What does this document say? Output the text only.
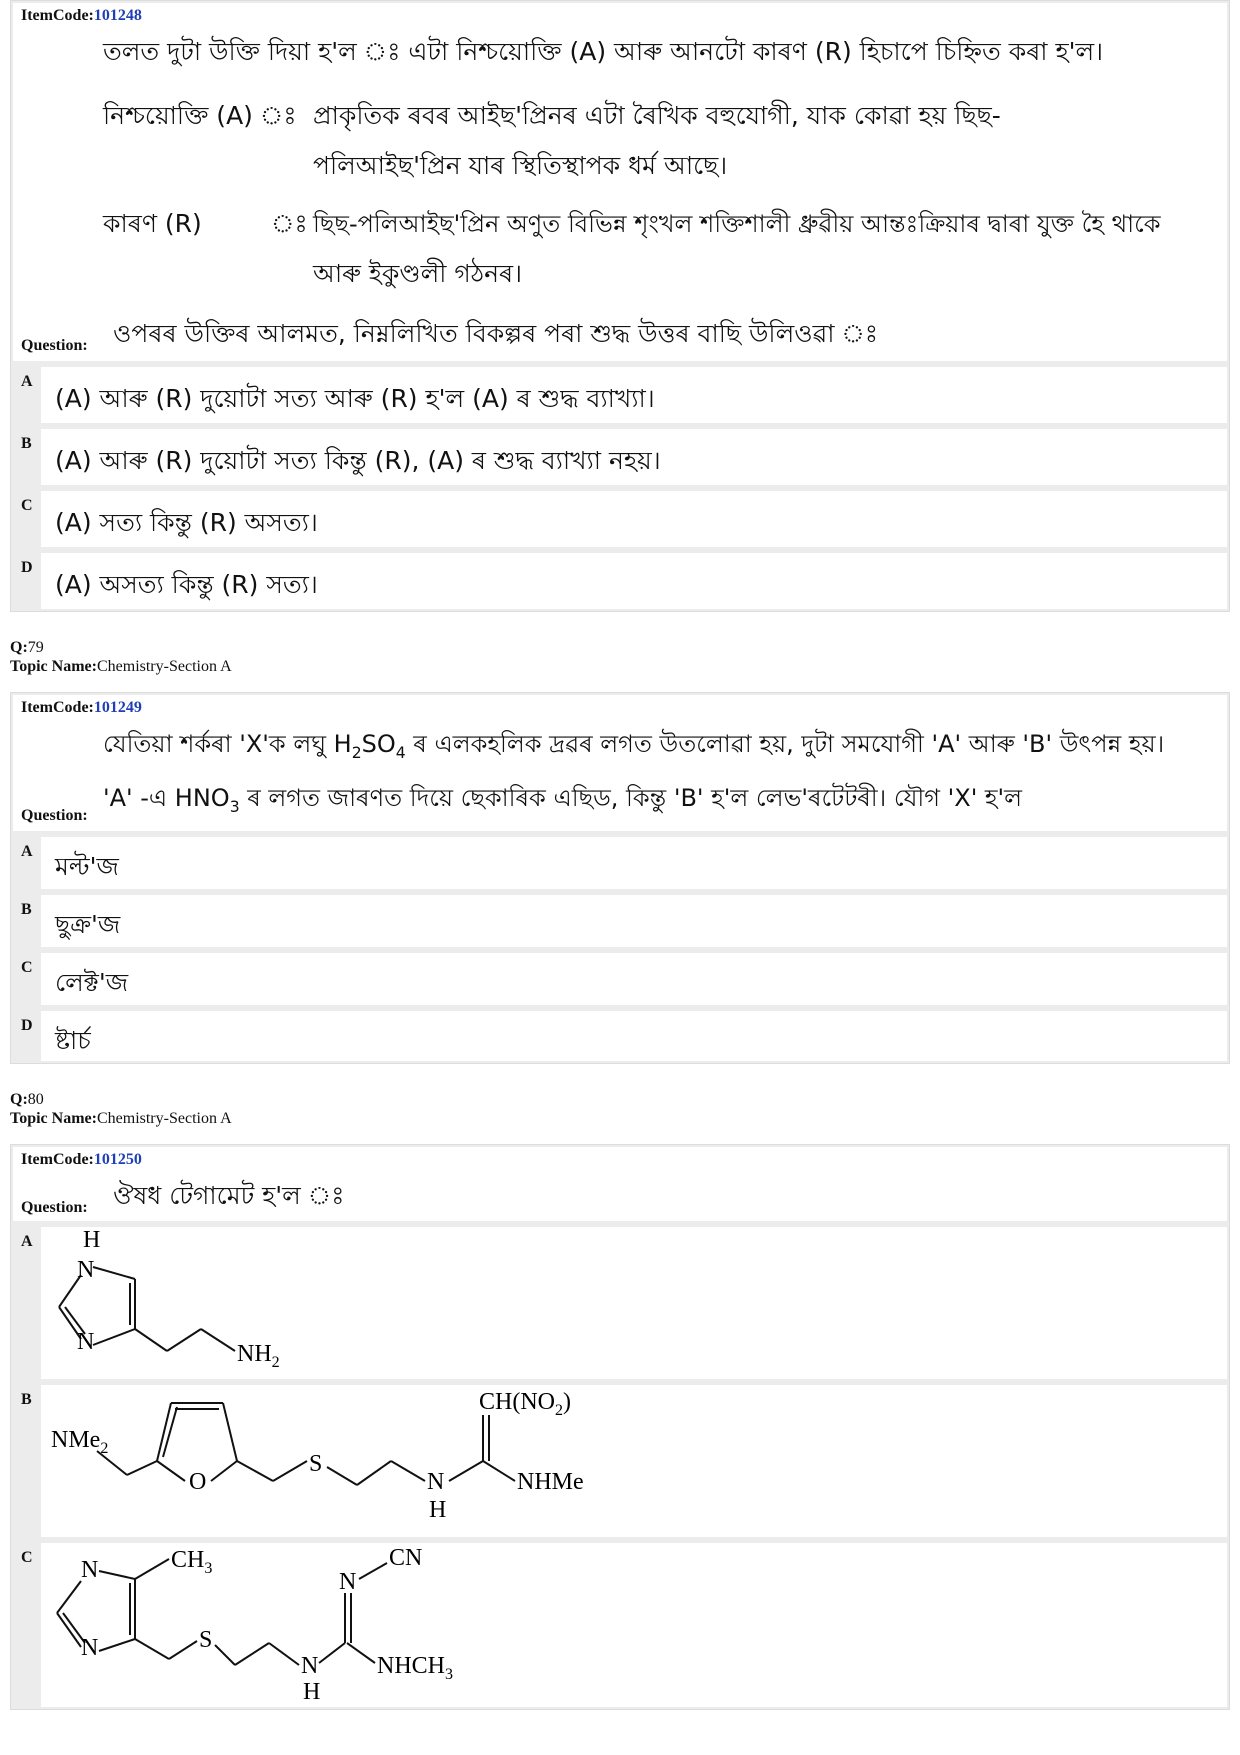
ItemCode:101248
তলত দুটা উক্তি দিয়া হ'ল ঃ এটা নিশ্চয়োক্তি (A) আৰু আনটো কাৰণ (R) হিচাপে চিহ্নিত কৰা হ'ল।
নিশ্চয়োক্তি (A) ঃ প্ৰাকৃতিক ৰবৰ আইছ'প্ৰিনৰ এটা ৰৈখিক বহুযোগী, যাক কোৱা হয় ছিছ-
পলিআইছ'প্ৰিন যাৰ স্থিতিস্থাপক ধৰ্ম আছে।
কাৰণ (R)	ঃ ছিছ-পলিআইছ'প্ৰিন অণুত বিভিন্ন শৃংখল শক্তিশালী ধ্ৰুৱীয় আন্তঃক্ৰিয়াৰ দ্বাৰা যুক্ত হৈ থাকে
আৰু ইকুণ্ডলী গঠনৰ।
Question: ওপৰৰ উক্তিৰ আলমত, নিম্নলিখিত বিকল্পৰ পৰা শুদ্ধ উত্তৰ বাছি উলিওৱা ঃ
A
(A) আৰু (R) দুয়োটা সত্য আৰু (R) হ'ল (A) ৰ শুদ্ধ ব্যাখ্যা।
B
(A) আৰু (R) দুয়োটা সত্য কিন্তু (R), (A) ৰ শুদ্ধ ব্যাখ্যা নহয়।
C
(A) সত্য কিন্তু (R) অসত্য।
D
(A) অসত্য কিন্তু (R) সত্য।
Q:79
Topic Name:Chemistry-Section A
ItemCode:101249
যেতিয়া শৰ্কৰা 'X'ক লঘু $H_2SO_4$ ৰ এলকহলিক দ্ৰৱৰ লগত উতলোৱা হয়, দুটা সমযোগী 'A' আৰু 'B' উৎপন্ন হয়।
'A' -এ $HNO_3$ ৰ লগত জাৰণত দিয়ে ছেকাৰিক এছিড, কিন্তু 'B' হ'ল লেভ'ৰটেটৰী। যৌগ 'X' হ'ল
Question:
A
মল্ট'জ
B
ছুক্ৰ'জ
C
লেক্ট'জ
D
ষ্টাৰ্চ
Q:80
Topic Name:Chemistry-Section A
ItemCode:101250
Question: ঔষধ টেগামেট হ'ল ঃ
A H
N
N	$NH_2$
B
NMe$_2$
O
S
N
H
$CH(NO_2)$
NHMe
C N
N
$CH_3$
S
N
H
N
CN
$NHCH_3$
